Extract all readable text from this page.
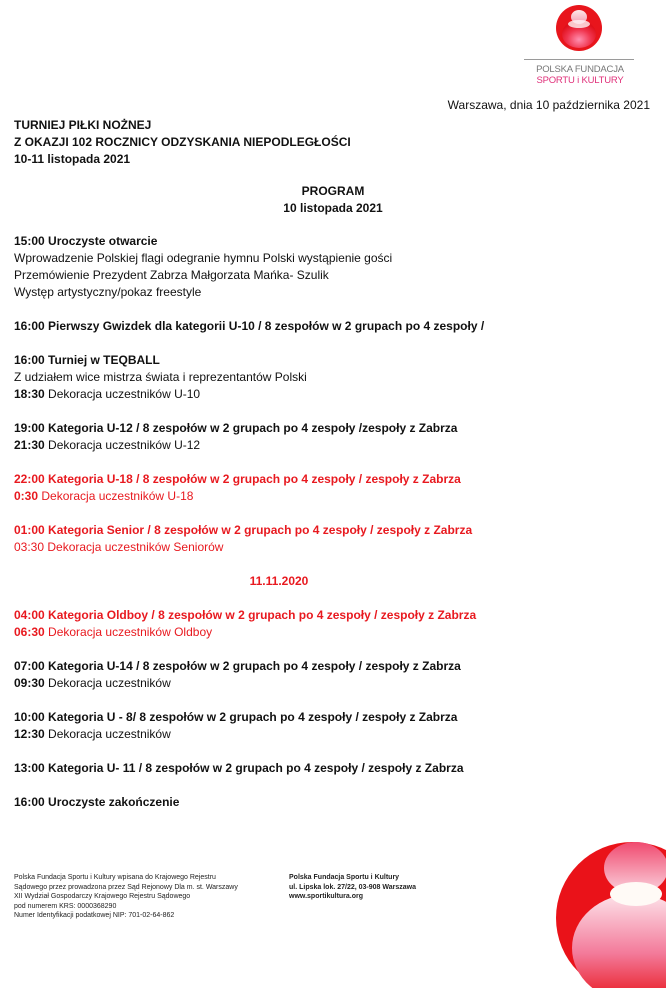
POLSKA FUNDACJA
SPORTU i KULTURY
Warszawa, dnia 10 października 2021
TURNIEJ PIŁKI NOŻNEJ
Z OKAZJI 102 ROCZNICY ODZYSKANIA NIEPODLEGŁOŚCI
10-11 listopada 2021
PROGRAM
10 listopada 2021
15:00 Uroczyste otwarcie
Wprowadzenie Polskiej flagi odegranie hymnu Polski wystąpienie gości
Przemówienie Prezydent Zabrza Małgorzata Mańka- Szulik
Występ artystyczny/pokaz freestyle
16:00 Pierwszy Gwizdek dla kategorii U-10 / 8 zespołów w 2 grupach po 4 zespoły /
16:00 Turniej w TEQBALL
Z udziałem wice mistrza świata i reprezentantów Polski
18:30 Dekoracja uczestników U-10
19:00 Kategoria U-12 / 8 zespołów w 2 grupach po 4 zespoły /zespoły z Zabrza
21:30 Dekoracja uczestników U-12
22:00 Kategoria U-18 / 8 zespołów w 2 grupach po 4 zespoły / zespoły z Zabrza
0:30 Dekoracja uczestników U-18
01:00 Kategoria Senior / 8 zespołów w 2 grupach po 4 zespoły / zespoły z Zabrza
03:30 Dekoracja uczestników Seniorów
11.11.2020
04:00 Kategoria Oldboy / 8 zespołów w 2 grupach po 4 zespoły / zespoły z Zabrza
06:30 Dekoracja uczestników Oldboy
07:00 Kategoria U-14 / 8 zespołów w 2 grupach po 4 zespoły / zespoły z Zabrza
09:30 Dekoracja uczestników
10:00 Kategoria U - 8/ 8 zespołów w 2 grupach po 4 zespoły / zespoły z Zabrza
12:30 Dekoracja uczestników
13:00 Kategoria U- 11 / 8 zespołów w 2 grupach po 4 zespoły / zespoły z Zabrza
16:00 Uroczyste zakończenie
Polska Fundacja Sportu i Kultury wpisana do Krajowego Rejestru
Sądowego przez prowadzona przez Sąd Rejonowy Dla m. st. Warszawy
XII Wydział Gospodarczy Krajowego Rejestru Sądowego
pod numerem KRS: 0000368290
Numer Identyfikacji podatkowej NIP: 701-02-64-862
Polska Fundacja Sportu i Kultury
ul. Lipska lok. 27/22, 03-908 Warszawa
www.sportikultura.org
